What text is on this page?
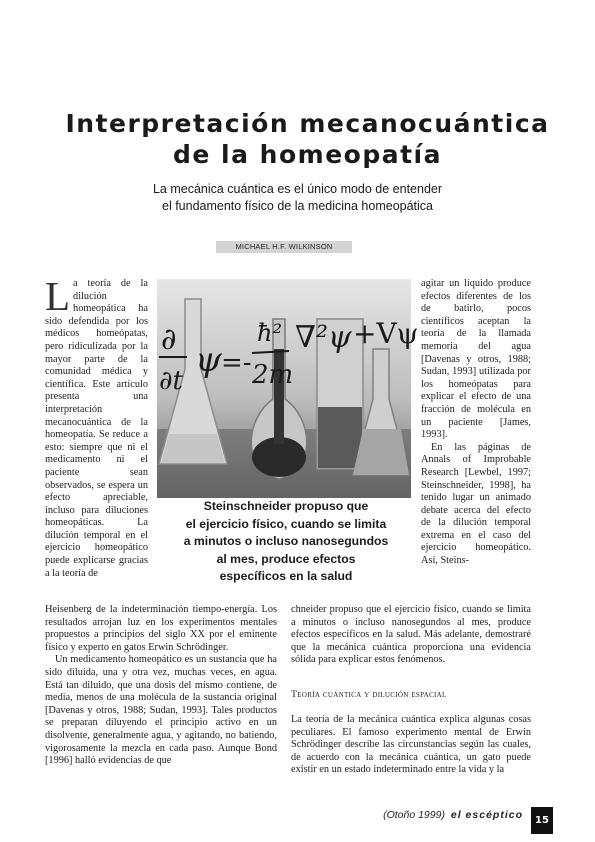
Interpretación mecanocuántica
de la homeopatía
La mecánica cuántica es el único modo de entender
el fundamento físico de la medicina homeopática
MICHAEL H.F. WILKINSON
La teoría de la dilución homeopática ha sido defendida por los médicos homeópatas, pero ridiculizada por la mayor parte de la comunidad médica y científica. Este artículo presenta una interpretación mecanocuántica de la homeopatía. Se reduce a esto: siempre que ni el medicamento ni el paciente sean observados, se espera un efecto apreciable, incluso para diluciones homeopáticas. La dilución temporal en el ejercicio homeopático puede explicarse gracias a la teoría de
∂
∂t
ψ =-
ħ²
2m
∇²ψ +Vψ
Steinschneider propuso que
el ejercicio físico, cuando se limita
a minutos o incluso nanosegundos
al mes, produce efectos
específicos en la salud

Heisenberg de la indeterminación tiempo-energía. Los resultados arrojan luz en los experimentos mentales propuestos a principios del siglo XX por el eminente físico y experto en gatos Erwin Schrödinger.

Un medicamento homeopático es un sustancia que ha sido diluida, una y otra vez, muchas veces, en agua. Está tan diluido, que una dosis del mismo contiene, de media, menos de una molécula de la sustancia original [Davenas y otros, 1988; Sudan, 1993]. Tales productos se preparan diluyendo el principio activo en un disolvente, generalmente agua, y agitando, no batiendo, vigorosamente la mezcla en cada paso. Aunque Bond [1996] halló evidencias de que

agitar un líquido produce efectos diferentes de los de batirlo, pocos científicos aceptan la teoría de la llamada memoria del agua [Davenas y otros, 1988; Sudan, 1993] utilizada por los homeópatas para explicar el efecto de una fracción de molécula en un paciente [James, 1993].

En las páginas de Annals of Improbable Research [Lewbel, 1997; Steinschneider, 1998], ha tenido lugar un animado debate acerca del efecto de la dilución temporal extrema en el caso del ejercicio homeopático. Así, Steins-

chneider propuso que el ejercicio físico, cuando se limita a minutos o incluso nanosegundos al mes, produce efectos específicos en la salud. Más adelante, demostraré que la mecánica cuántica proporciona una evidencia sólida para explicar estos fenómenos.

Teoría cuántica y dilución espacial

La teoría de la mecánica cuántica explica algunas cosas peculiares. El famoso experimento mental de Erwin Schrödinger describe las circunstancias según las cuales, de acuerdo con la mecánica cuántica, un gato puede existir en un estado indeterminado entre la vida y la

(Otoño 1999) el escéptico	15
